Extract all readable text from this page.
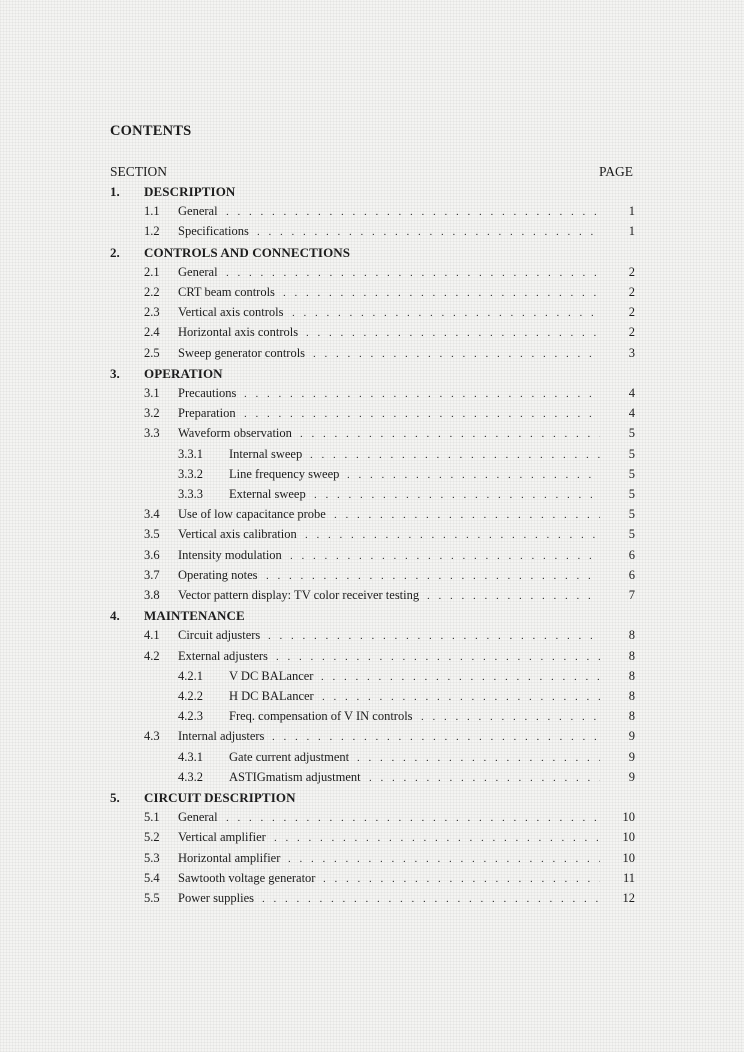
CONTENTS
SECTION	PAGE
1. DESCRIPTION
1.1 . . . General	1
1.2 . . . Specifications	1
2. CONTROLS AND CONNECTIONS
2.1 . . . General	2
2.2 . . . CRT beam controls	2
2.3 . . . Vertical axis controls	2
2.4 . . . Horizontal axis controls	2
2.5 . . . Sweep generator controls	3
3. OPERATION
3.1 . . . Precautions	4
3.2 . . . Preparation	4
3.3 . . . Waveform observation	5
3.3.1 . . . Internal sweep	5
3.3.2 . . . Line frequency sweep	5
3.3.3 . . . External sweep	5
3.4 . . . Use of low capacitance probe	5
3.5 . . . Vertical axis calibration	5
3.6 . . . Intensity modulation	6
3.7 . . . Operating notes	6
3.8 . . . Vector pattern display: TV color receiver testing	7
4. MAINTENANCE
4.1 . . . Circuit adjusters	8
4.2 . . . External adjusters	8
4.2.1 . . . V DC BALancer	8
4.2.2 . . . H DC BALancer	8
4.2.3 . . . Freq. compensation of V IN controls	8
4.3 . . . Internal adjusters	9
4.3.1 . . . Gate current adjustment	9
4.3.2 . . . ASTIGmatism adjustment	9
5. CIRCUIT DESCRIPTION
5.1 . . . General	10
5.2 . . . Vertical amplifier	10
5.3 . . . Horizontal amplifier	10
5.4 . . . Sawtooth voltage generator	11
5.5 . . . Power supplies	12
